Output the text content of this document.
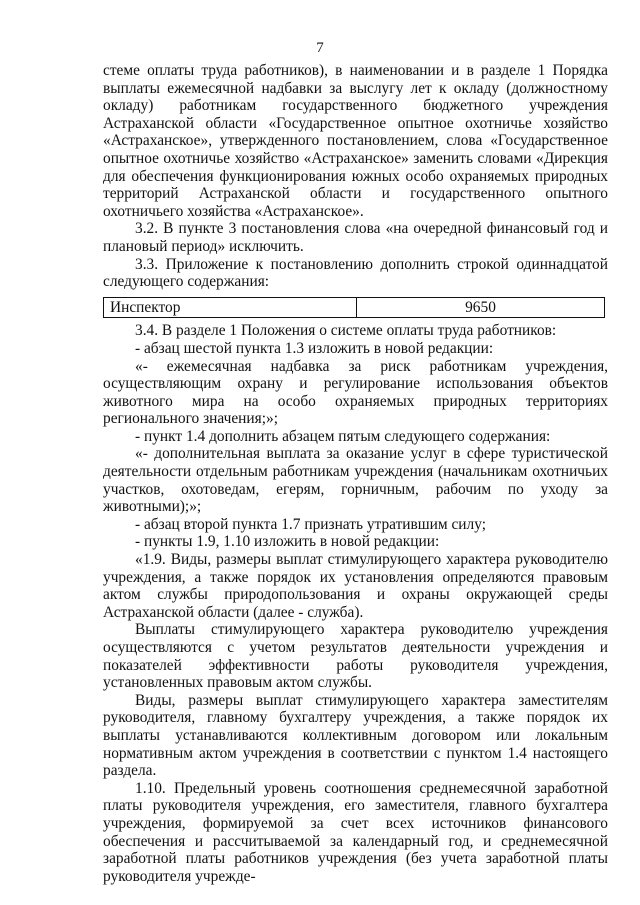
7

стеме оплаты труда работников), в наименовании и в разделе 1 Порядка выплаты ежемесячной надбавки за выслугу лет к окладу (должностному окладу) работникам государственного бюджетного учреждения Астраханской области «Государственное опытное охотничье хозяйство «Астраханское», утвержденного постановлением, слова «Государственное опытное охотничье хозяйство «Астраханское» заменить словами «Дирекция для обеспечения функционирования южных особо охраняемых природных территорий Астраханской области и государственного опытного охотничьего хозяйства «Астраханское».

3.2. В пункте 3 постановления слова «на очередной финансовый год и плановый период» исключить.

3.3. Приложение к постановлению дополнить строкой одиннадцатой следующего содержания:

Инспектор	9650

3.4. В разделе 1 Положения о системе оплаты труда работников:

- абзац шестой пункта 1.3 изложить в новой редакции:

«- ежемесячная надбавка за риск работникам учреждения, осуществляющим охрану и регулирование использования объектов животного мира на особо охраняемых природных территориях регионального значения;»;

- пункт 1.4 дополнить абзацем пятым следующего содержания:

«- дополнительная выплата за оказание услуг в сфере туристической деятельности отдельным работникам учреждения (начальникам охотничьих участков, охотоведам, егерям, горничным, рабочим по уходу за животными);»;

- абзац второй пункта 1.7 признать утратившим силу;

- пункты 1.9, 1.10 изложить в новой редакции:

«1.9. Виды, размеры выплат стимулирующего характера руководителю учреждения, а также порядок их установления определяются правовым актом службы природопользования и охраны окружающей среды Астраханской области (далее - служба).

Выплаты стимулирующего характера руководителю учреждения осуществляются с учетом результатов деятельности учреждения и показателей эффективности работы руководителя учреждения, установленных правовым актом службы.

Виды, размеры выплат стимулирующего характера заместителям руководителя, главному бухгалтеру учреждения, а также порядок их выплаты устанавливаются коллективным договором или локальным нормативным актом учреждения в соответствии с пунктом 1.4 настоящего раздела.

1.10. Предельный уровень соотношения среднемесячной заработной платы руководителя учреждения, его заместителя, главного бухгалтера учреждения, формируемой за счет всех источников финансового обеспечения и рассчитываемой за календарный год, и среднемесячной заработной платы работников учреждения (без учета заработной платы руководителя учрежде-
